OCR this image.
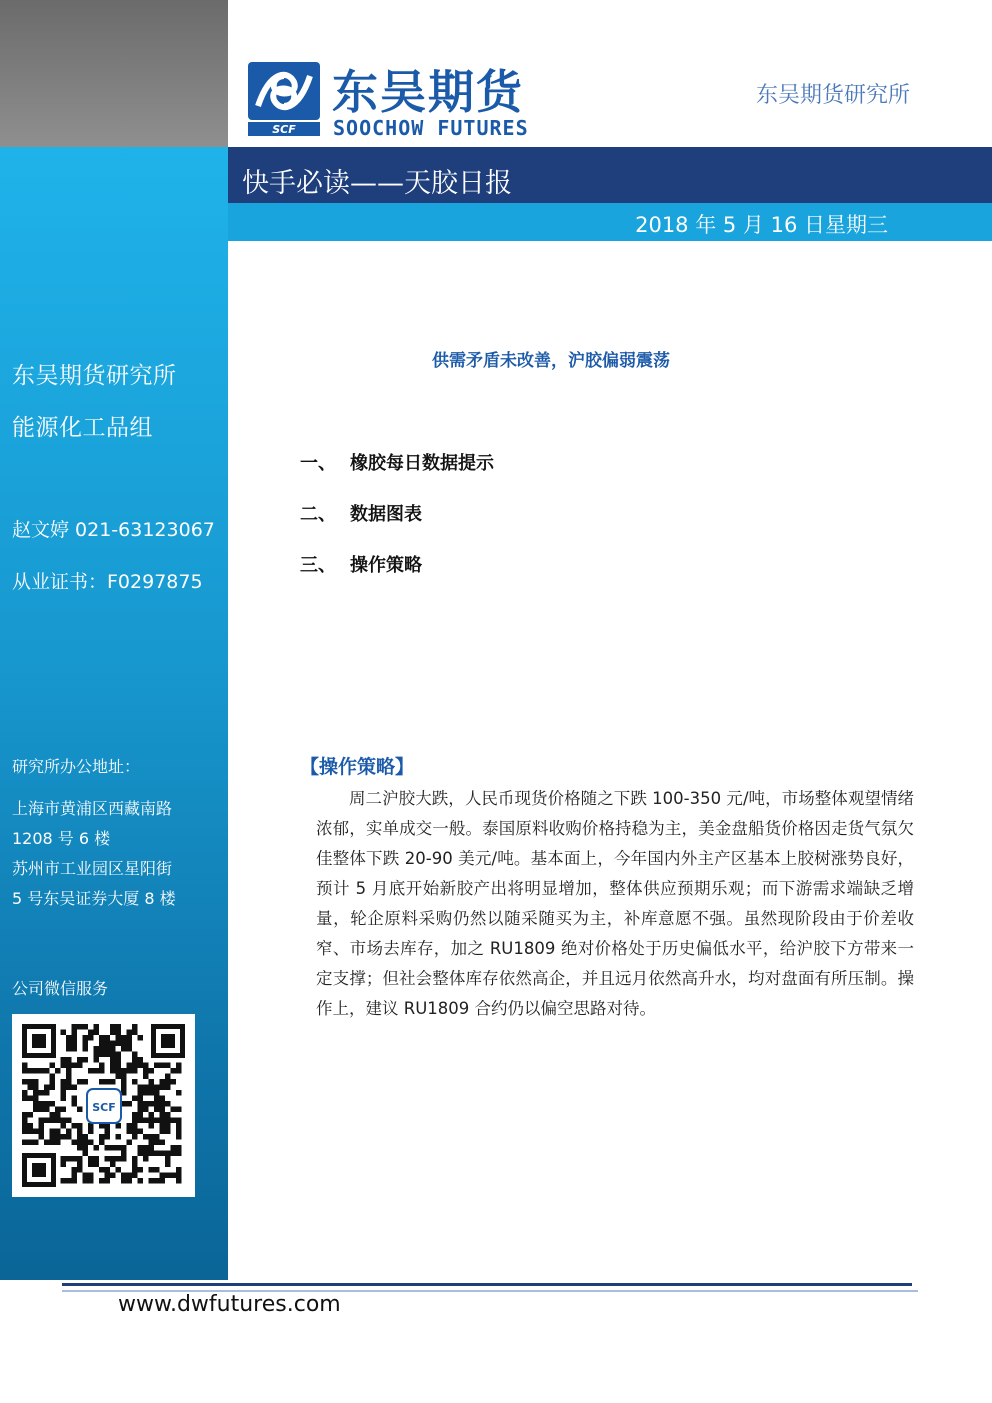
东吴期货研究所
能源化工品组
赵文婷 021-63123067
从业证书：F0297875
研究所办公地址：
上海市黄浦区西藏南路
1208 号 6 楼
苏州市工业园区星阳街
5 号东吴证券大厦 8 楼
公司微信服务
SCF
SCF
东吴期货
SOOCHOW FUTURES
东吴期货研究所
快手必读——天胶日报
2018 年 5 月 16 日星期三
供需矛盾未改善，沪胶偏弱震荡
一、 橡胶每日数据提示
二、 数据图表
三、 操作策略
【操作策略】
周二沪胶大跌，人民币现货价格随之下跌 100-350 元/吨，市场整体观望情绪浓郁，实单成交一般。泰国原料收购价格持稳为主，美金盘船货价格因走货气氛欠佳整体下跌 20-90 美元/吨。基本面上，今年国内外主产区基本上胶树涨势良好，预计 5 月底开始新胶产出将明显增加，整体供应预期乐观；而下游需求端缺乏增量，轮企原料采购仍然以随采随买为主，补库意愿不强。虽然现阶段由于价差收窄、市场去库存，加之 RU1809 绝对价格处于历史偏低水平，给沪胶下方带来一定支撑；但社会整体库存依然高企，并且远月依然高升水，均对盘面有所压制。操作上，建议 RU1809 合约仍以偏空思路对待。
www.dwfutures.com
